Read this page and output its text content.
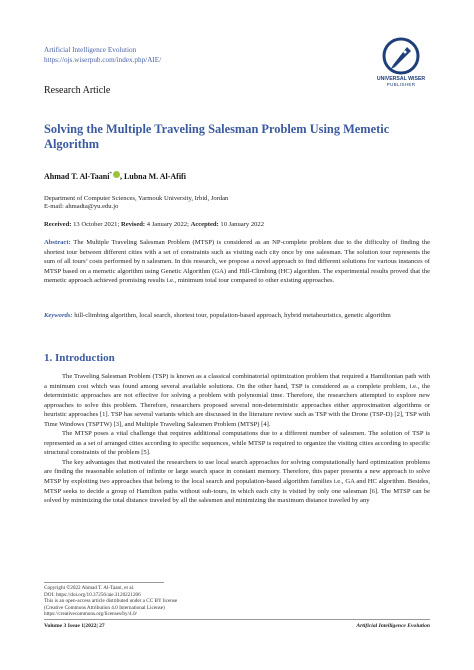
Artificial Intelligence Evolution
https://ojs.wiserpub.com/index.php/AIE/
UNIVERSAL WISER
PUBLISHER
Research Article
Solving the Multiple Traveling Salesman Problem Using Memetic Algorithm
Ahmad T. Al-Taani* , Lubna M. Al-Afifi
Department of Computer Sciences, Yarmouk University, Irbid, Jordan
E-mail: ahmadta@yu.edu.jo
Received: 13 October 2021; Revised: 4 January 2022; Accepted: 10 January 2022
Abstract: The Multiple Traveling Salesman Problem (MTSP) is considered as an NP-complete problem due to the difficulty of finding the shortest tour between different cities with a set of constraints such as visiting each city once by one salesman. The solution tour represents the sum of all tours’ costs performed by n salesmen. In this research, we propose a novel approach to find different solutions for various instances of MTSP based on a memetic algorithm using Genetic Algorithm (GA) and Hill-Climbing (HC) algorithm. The experimental results proved that the memetic approach achieved promising results i.e., minimum total tour compared to other existing approaches.
Keywords: hill-climbing algorithm, local search, shortest tour, population-based approach, hybrid metaheuristics, genetic algorithm
1. Introduction

The Traveling Salesman Problem (TSP) is known as a classical combinatorial optimization problem that required a Hamiltonian path with a minimum cost which was found among several available solutions. On the other hand, TSP is considered as a complete problem, i.e., the deterministic approaches are not effective for solving a problem with polynomial time. Therefore, the researchers attempted to explore new approaches to solve this problem. Therefore, researchers proposed several non-deterministic approaches either approximation algorithms or heuristic approaches [1]. TSP has several variants which are discussed in the literature review such as TSP with the Drone (TSP-D) [2], TSP with Time Windows (TSPTW) [3], and Multiple Traveling Salesmen Problem (MTSP) [4].

The MTSP poses a vital challenge that requires additional computations due to a different number of salesmen. The solution of TSP is represented as a set of arranged cities according to specific sequences, while MTSP is required to organize the visiting cities according to specific structural constraints of the problem [5].

The key advantages that motivated the researchers to use local search approaches for solving computationally hard optimization problems are finding the reasonable solution of infinite or large search space in constant memory. Therefore, this paper presents a new approach to solve MTSP by exploiting two approaches that belong to the local search and population-based algorithm families i.e., GA and HC algorithm. Besides, MTSP seeks to decide a group of Hamilton paths without sub-tours, in which each city is visited by only one salesman [6]. The MTSP can be solved by minimizing the total distance traveled by all the salesmen and minimizing the maximum distance traveled by any

Copyright ©2022 Ahmad T. Al-Taani, et al.
DOI: https://doi.org/10.37256/aie.3120221206
This is an open-access article distributed under a CC BY license
(Creative Commons Attribution 4.0 International License)
https://creativecommons.org/licenses/by/4.0/
Volume 3 Issue 1|2022| 27	Artificial Intelligence Evolution
